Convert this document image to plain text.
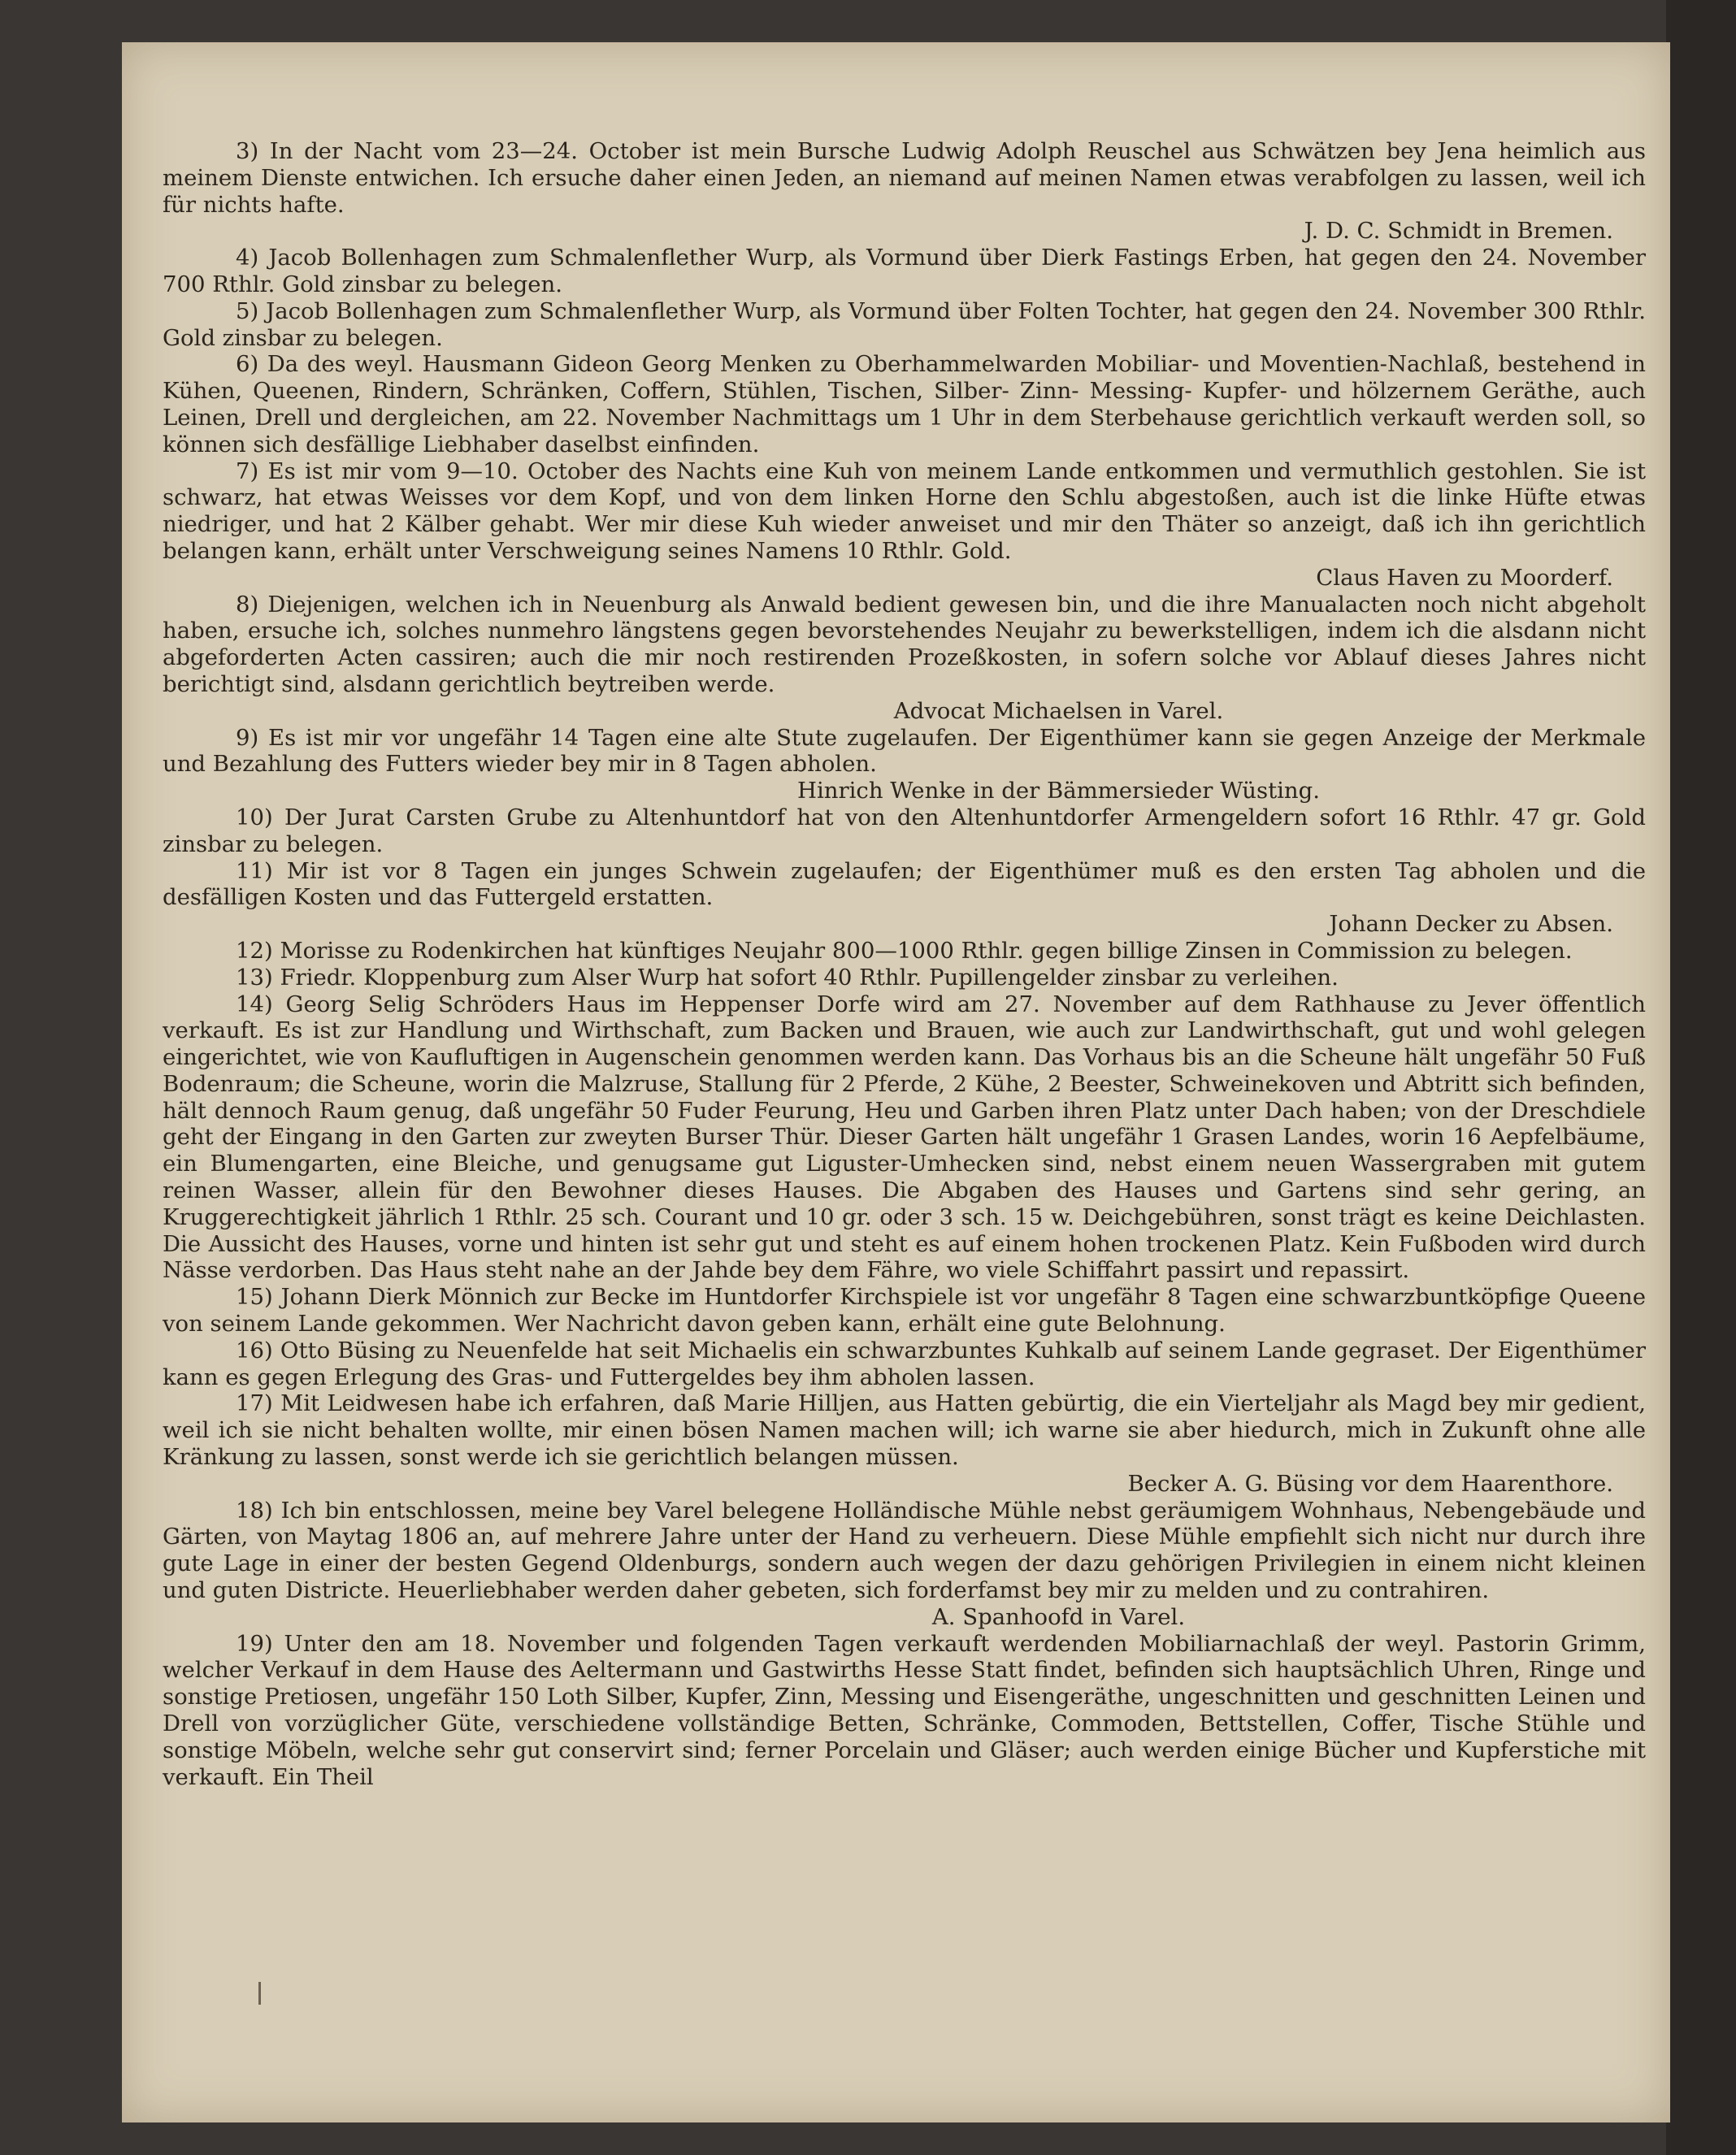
3) In der Nacht vom 23—24. October ist mein Bursche Ludwig Adolph Reuschel aus Schwätzen bey Jena heimlich aus meinem Dienste entwichen. Ich ersuche daher einen Jeden, an niemand auf meinen Namen etwas verabfolgen zu lassen, weil ich für nichts hafte.
J. D. C. Schmidt in Bremen.

4) Jacob Bollenhagen zum Schmalenflether Wurp, als Vormund über Dierk Fastings Erben, hat gegen den 24. November 700 Rthlr. Gold zinsbar zu belegen.

5) Jacob Bollenhagen zum Schmalenflether Wurp, als Vormund über Folten Tochter, hat gegen den 24. November 300 Rthlr. Gold zinsbar zu belegen.

6) Da des weyl. Hausmann Gideon Georg Menken zu Oberhammelwarden Mobiliar- und Moventien-Nachlaß, bestehend in Kühen, Queenen, Rindern, Schränken, Coffern, Stühlen, Tischen, Silber- Zinn- Messing- Kupfer- und hölzernem Geräthe, auch Leinen, Drell und dergleichen, am 22. November Nachmittags um 1 Uhr in dem Sterbehause gerichtlich verkauft werden soll, so können sich desfällige Liebhaber daselbst einfinden.

7) Es ist mir vom 9—10. October des Nachts eine Kuh von meinem Lande entkommen und vermuthlich gestohlen. Sie ist schwarz, hat etwas Weisses vor dem Kopf, und von dem linken Horne den Schlu abgestoßen, auch ist die linke Hüfte etwas niedriger, und hat 2 Kälber gehabt. Wer mir diese Kuh wieder anweiset und mir den Thäter so anzeigt, daß ich ihn gerichtlich belangen kann, erhält unter Verschweigung seines Namens 10 Rthlr. Gold.
Claus Haven zu Moorderf.

8) Diejenigen, welchen ich in Neuenburg als Anwald bedient gewesen bin, und die ihre Manualacten noch nicht abgeholt haben, ersuche ich, solches nunmehro längstens gegen bevorstehendes Neujahr zu bewerkstelligen, indem ich die alsdann nicht abgeforderten Acten cassiren; auch die mir noch restirenden Prozeßkosten, in sofern solche vor Ablauf dieses Jahres nicht berichtigt sind, alsdann gerichtlich beytreiben werde.
Advocat Michaelsen in Varel.

9) Es ist mir vor ungefähr 14 Tagen eine alte Stute zugelaufen. Der Eigenthümer kann sie gegen Anzeige der Merkmale und Bezahlung des Futters wieder bey mir in 8 Tagen abholen.
Hinrich Wenke in der Bämmersieder Wüsting.

10) Der Jurat Carsten Grube zu Altenhuntdorf hat von den Altenhuntdorfer Armengeldern sofort 16 Rthlr. 47 gr. Gold zinsbar zu belegen.

11) Mir ist vor 8 Tagen ein junges Schwein zugelaufen; der Eigenthümer muß es den ersten Tag abholen und die desfälligen Kosten und das Futtergeld erstatten.
Johann Decker zu Absen.

12) Morisse zu Rodenkirchen hat künftiges Neujahr 800—1000 Rthlr. gegen billige Zinsen in Commission zu belegen.

13) Friedr. Kloppenburg zum Alser Wurp hat sofort 40 Rthlr. Pupillengelder zinsbar zu verleihen.

14) Georg Selig Schröders Haus im Heppenser Dorfe wird am 27. November auf dem Rathhause zu Jever öffentlich verkauft. Es ist zur Handlung und Wirthschaft, zum Backen und Brauen, wie auch zur Landwirthschaft, gut und wohl gelegen eingerichtet, wie von Kaufluftigen in Augenschein genommen werden kann. Das Vorhaus bis an die Scheune hält ungefähr 50 Fuß Bodenraum; die Scheune, worin die Malzruse, Stallung für 2 Pferde, 2 Kühe, 2 Beester, Schweinekoven und Abtritt sich befinden, hält dennoch Raum genug, daß ungefähr 50 Fuder Feurung, Heu und Garben ihren Platz unter Dach haben; von der Dreschdiele geht der Eingang in den Garten zur zweyten Burser Thür. Dieser Garten hält ungefähr 1 Grasen Landes, worin 16 Aepfelbäume, ein Blumengarten, eine Bleiche, und genugsame gut Liguster-Umhecken sind, nebst einem neuen Wassergraben mit gutem reinen Wasser, allein für den Bewohner dieses Hauses. Die Abgaben des Hauses und Gartens sind sehr gering, an Kruggerechtigkeit jährlich 1 Rthlr. 25 sch. Courant und 10 gr. oder 3 sch. 15 w. Deichgebühren, sonst trägt es keine Deichlasten. Die Aussicht des Hauses, vorne und hinten ist sehr gut und steht es auf einem hohen trockenen Platz. Kein Fußboden wird durch Nässe verdorben. Das Haus steht nahe an der Jahde bey dem Fähre, wo viele Schiffahrt passirt und repassirt.

15) Johann Dierk Mönnich zur Becke im Huntdorfer Kirchspiele ist vor ungefähr 8 Tagen eine schwarzbuntköpfige Queene von seinem Lande gekommen. Wer Nachricht davon geben kann, erhält eine gute Belohnung.

16) Otto Büsing zu Neuenfelde hat seit Michaelis ein schwarzbuntes Kuhkalb auf seinem Lande gegraset. Der Eigenthümer kann es gegen Erlegung des Gras- und Futtergeldes bey ihm abholen lassen.

17) Mit Leidwesen habe ich erfahren, daß Marie Hilljen, aus Hatten gebürtig, die ein Vierteljahr als Magd bey mir gedient, weil ich sie nicht behalten wollte, mir einen bösen Namen machen will; ich warne sie aber hiedurch, mich in Zukunft ohne alle Kränkung zu lassen, sonst werde ich sie gerichtlich belangen müssen.
Becker A. G. Büsing vor dem Haarenthore.

18) Ich bin entschlossen, meine bey Varel belegene Holländische Mühle nebst geräumigem Wohnhaus, Nebengebäude und Gärten, von Maytag 1806 an, auf mehrere Jahre unter der Hand zu verheuern. Diese Mühle empfiehlt sich nicht nur durch ihre gute Lage in einer der besten Gegend Oldenburgs, sondern auch wegen der dazu gehörigen Privilegien in einem nicht kleinen und guten Districte. Heuerliebhaber werden daher gebeten, sich forderfamst bey mir zu melden und zu contrahiren.
A. Spanhoofd in Varel.

19) Unter den am 18. November und folgenden Tagen verkauft werdenden Mobiliarnachlaß der weyl. Pastorin Grimm, welcher Verkauf in dem Hause des Aeltermann und Gastwirths Hesse Statt findet, befinden sich hauptsächlich Uhren, Ringe und sonstige Pretiosen, ungefähr 150 Loth Silber, Kupfer, Zinn, Messing und Eisengeräthe, ungeschnitten und geschnitten Leinen und Drell von vorzüglicher Güte, verschiedene vollständige Betten, Schränke, Commoden, Bettstellen, Coffer, Tische Stühle und sonstige Möbeln, welche sehr gut conservirt sind; ferner Porcelain und Gläser; auch werden einige Bücher und Kupferstiche mit verkauft. Ein Theil
